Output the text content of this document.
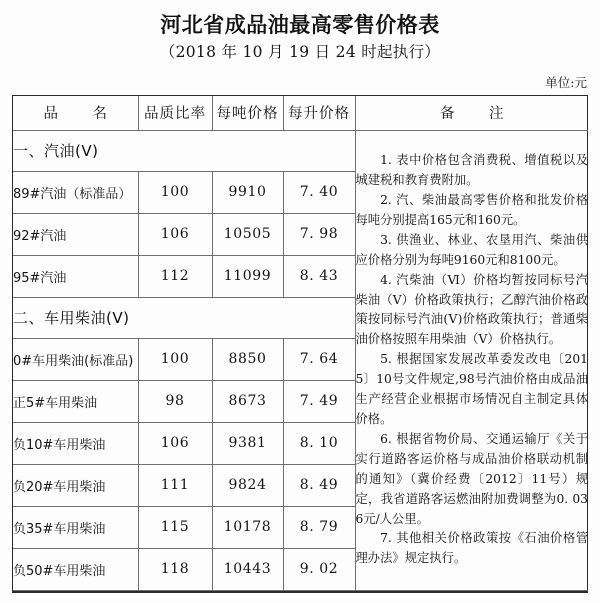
河北省成品油最高零售价格表
（2018 年 10 月 19 日 24 时起执行）
单位:元
品　名	品质比率	每吨价格	每升价格	备　注
一、汽油(Ⅴ)	1. 表中价格包含消费税、增值税以及城建税和教育费附加。

2. 汽、柴油最高零售价格和批发价格每吨分别提高165元和160元。

3. 供渔业、林业、农垦用汽、柴油供应价格分别为每吨9160元和8100元。

4. 汽柴油（Ⅵ）价格均暂按同标号汽柴油（Ⅴ）价格政策执行；乙醇汽油价格政策按同标号汽油(Ⅴ)价格政策执行；普通柴油价格按照车用柴油（Ⅴ）价格执行。

5. 根据国家发展改革委发改电〔2015〕10号文件规定,98号汽油价格由成品油生产经营企业根据市场情况自主制定具体价格。

6. 根据省物价局、交通运输厅《关于实行道路客运价格与成品油价格联动机制的通知》（冀价经费〔2012〕11号）规定，我省道路客运燃油附加费调整为0. 036元/人公里。

7. 其他相关价格政策按《石油价格管理办法》规定执行。

89#汽油（标准品）	100	9910	7. 40	
92#汽油	106	10505	7. 98	
95#汽油	112	11099	8. 43	
二、车用柴油(Ⅴ)				
0#车用柴油(标准品)	100	8850	7. 64	
正5#车用柴油	98	8673	7. 49	
负10#车用柴油	106	9381	8. 10	
负20#车用柴油	111	9824	8. 49	
负35#车用柴油	115	10178	8. 79	
负50#车用柴油	118	10443	9. 02	
